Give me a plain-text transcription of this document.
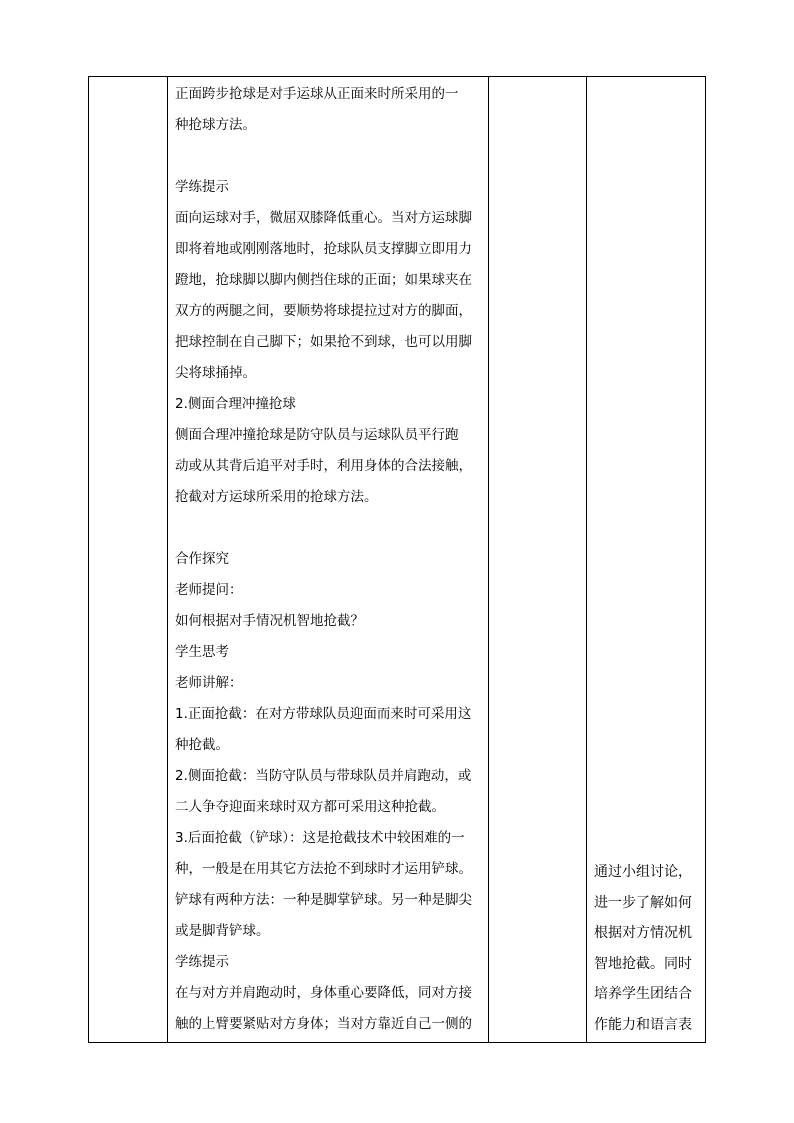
正面跨步抢球是对手运球从正面来时所采用的一
种抢球方法。
学练提示
面向运球对手，微屈双膝降低重心。当对方运球脚
即将着地或刚刚落地时，抢球队员支撑脚立即用力
蹬地，抢球脚以脚内侧挡住球的正面；如果球夹在
双方的两腿之间，要顺势将球提拉过对方的脚面，
把球控制在自己脚下；如果抢不到球，也可以用脚
尖将球捅掉。
2.侧面合理冲撞抢球
侧面合理冲撞抢球是防守队员与运球队员平行跑
动或从其背后追平对手时，利用身体的合法接触，
抢截对方运球所采用的抢球方法。
合作探究
老师提问：
如何根据对手情况机智地抢截？
学生思考
老师讲解：
1.正面抢截：在对方带球队员迎面而来时可采用这
种抢截。
2.侧面抢截：当防守队员与带球队员并肩跑动，或
二人争夺迎面来球时双方都可采用这种抢截。
3.后面抢截（铲球）：这是抢截技术中较困难的一
种，一般是在用其它方法抢不到球时才运用铲球。
铲球有两种方法：一种是脚掌铲球。另一种是脚尖
或是脚背铲球。
学练提示
在与对方并肩跑动时，身体重心要降低，同对方接
触的上臂要紧贴对方身体；当对方靠近自己一侧的
通过小组讨论，
进一步了解如何
根据对方情况机
智地抢截。同时
培养学生团结合
作能力和语言表
